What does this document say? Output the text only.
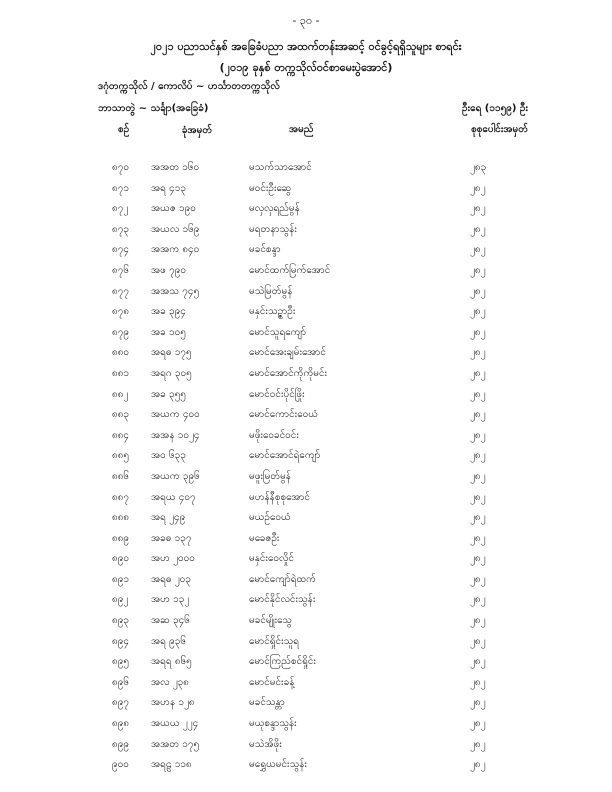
- ၃၀ -
၂၀၂၁ ပညာသင်နှစ် အခြေခံပညာ အထက်တန်းအဆင့် ဝင်ခွင့်ရရှိသူများ စာရင်း
(၂၀၁၉ ခုနှစ် တက္ကသိုလ်ဝင်စာမေးပွဲအောင်)
ဒဂုံတက္ကသိုလ် / ကောလိပ် ~ ဟင်္သာတတက္ကသိုလ်
ဘာသာတွဲ ~ သင်္ချာ(အခြေခံ)	ဦးရေ (၁၁၅၉) ဦး
စဉ်	ခုံအမှတ်	အမည်	စုစုပေါင်းအမှတ်
၈၇၀ အအတ ၁၆၀	မသက်သာအောင်	၂၈၃
၈၇၁ အရ ၄၁၃	မဝင်းဦးဆွေ	၂၈၂
၈၇၂ အယဇ ၁၉၀	မလှလှရည်မွန်	၂၈၂
၈၇၃ အယလ ၁၆၉	မရတနာသွန်း	၂၈၂
၈၇၄ အအက ၈၄၀	မခင်စန္ဒာ	၂၈၂
၈၇၆ အဖ ၇၉၀	မောင်ထက်မြက်အောင်	၂၈၂
၈၇၇ အအသ ၇၄၅	မသဲမြတ်မွန်	၂၈၂
၈၇၈ အခ ၃၉၄	မနှင်းသဉ္ဇာဦး	၂၈၂
၈၇၉ အခ ၁၀၅	မောင်သူရကျော်	၂၈၂
၈၈၀ အရဓ ၁၇၅	မောင်အေးချမ်းအောင်	၂၈၂
၈၈၁ အရဂ ၃၀၅	မောင်အောင်ကိုကိုမင်း	၂၈၂
၈၈၂ အခ ၃၅၅	မောင်ဝင်းပိုင်ဖြိုး	၂၈၂
၈၈၃ အယက ၄၀၀	မောင်ကောင်းဝေယံ	၂၈၂
၈၈၄ အအန ၁၀၂၄	မဖိုးဝေခင်ဝင်း	၂၈၂
၈၈၅ အဝ ၆၃၃	မောင်အောင်ရဲကျော်	၂၈၂
၈၈၆ အယက ၃၉၆	မဖူးမြတ်မွန်	၂၈၂
၈၈၇ အရယ ၄၀၇	မဟန်နီစုစုအောင်	၂၈၂
၈၈၈ အရ ၂၄၉	မယဉ်ဝေယံ	၂၈၂
၈၈၉ အခဓ ၁၃၇	မခေဇဦး	၂၈၂
၈၉၀ အဟ ၂၀၀၀	မနှင်းဝေလှိုင်	၂၈၂
၈၉၁ အရဓ ၂၀၃	မောင်ကျော်ရဲထက်	၂၈၂
၈၉၂ အဟ ၁၃၂	မောင်နိုင်လင်းသွန်း	၂၈၂
၈၉၃ အဆ ၃၄၆	မခင်မျိုးသွေ	၂၈၂
၈၉၄ အရ ၉၃၆	မောင်ရှိုင်းသူရ	၂၈၂
၈၉၅ အရရ ၈၆၅	မောင်ကြည်စင်ရှိုင်း	၂၈၂
၈၉၆ အလ ၂၃၈	မောင်မင်းခန့်	၂၈၂
၈၉၇ အဟန ၁၂၈	မခင်သန္တာ	၂၈၂
၈၉၈ အယယ ၂၂၄	မယုစန္ဒာသွန်း	၂၈၂
၈၉၉ အအတ ၁၇၅	မသဲအိဖိုး	၂၈၂
၉၀၀ အရဠ ၁၁၈	မရွှေယမင်းသွန်း	၂၈၂
